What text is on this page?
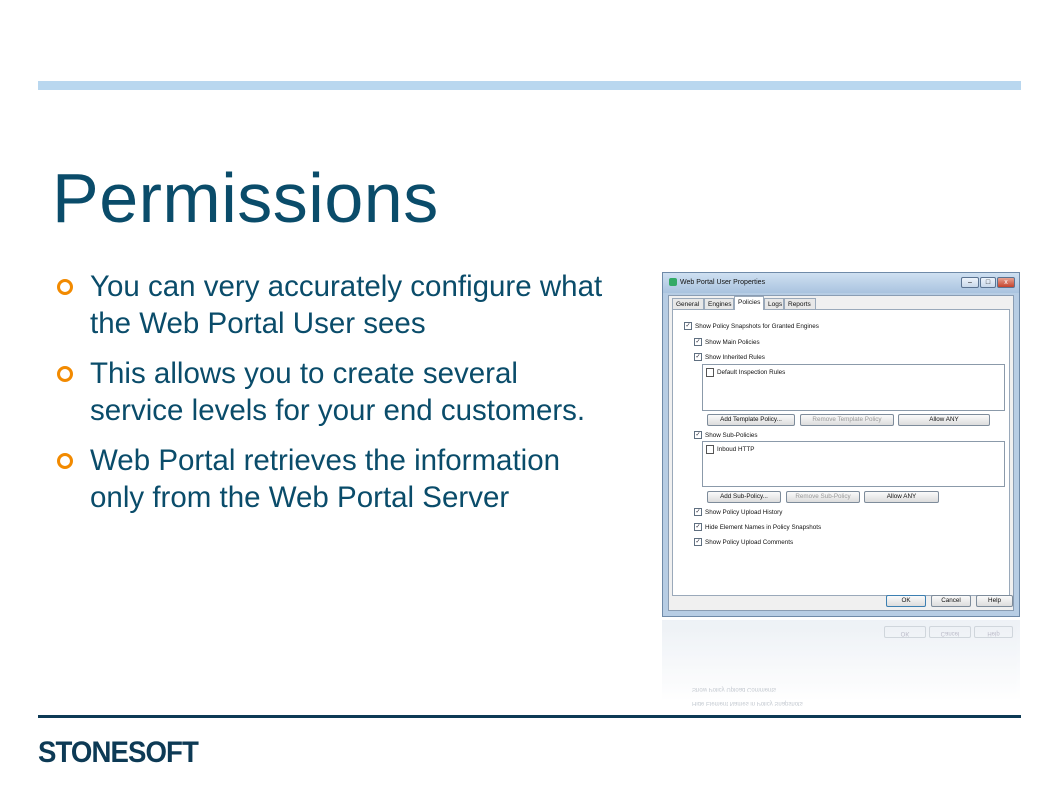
Permissions
You can very accurately configure what the Web Portal User sees
This allows you to create several service levels for your end customers.
Web Portal retrieves the information only from the Web Portal Server
Web Portal User Properties	–	□	x
General	Engines	Policies	Logs Reports
✓ Show Policy Snapshots for Granted Engines
✓ Show Main Policies
✓ Show Inherited Rules
Default Inspection Rules
Add Template Policy...	Remove Template Policy	Allow ANY
✓ Show Sub-Policies
Inboud HTTP
Add Sub-Policy...	Remove Sub-Policy	Allow ANY
✓ Show Policy Upload History
✓ Hide Element Names in Policy Snapshots
✓ Show Policy Upload Comments
OK	Cancel	Help
OK	Cancel	Help
Show Policy Upload Comments
Hide Element Names in Policy Snapshots
STONESOFT
